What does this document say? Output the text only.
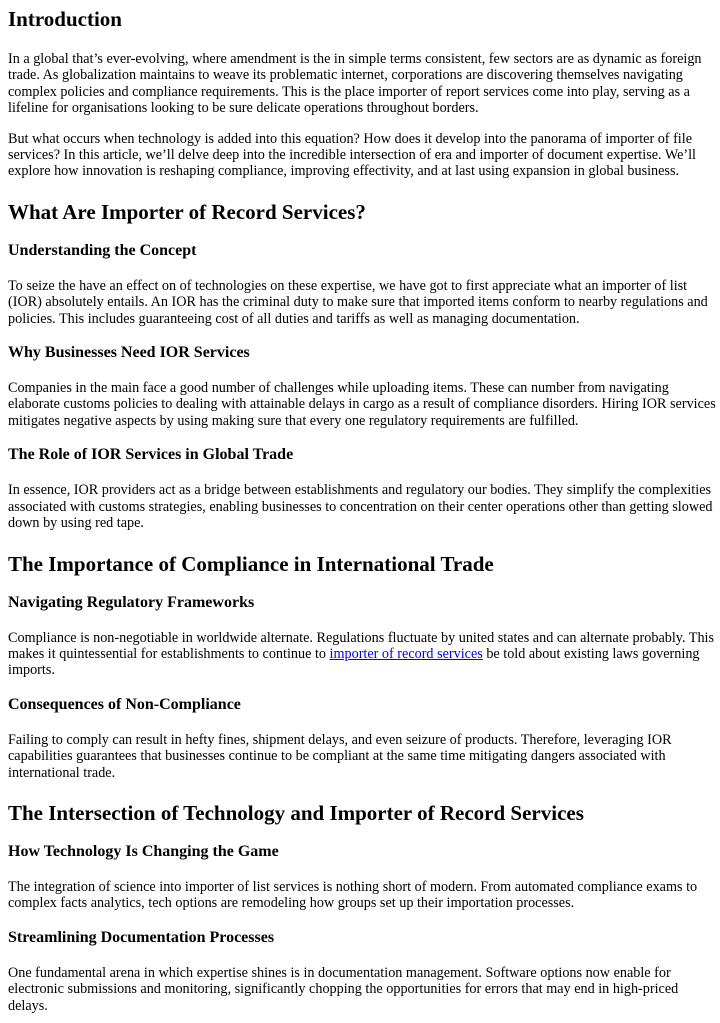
Introduction

In a global that’s ever-evolving, where amendment is the in simple terms consistent, few sectors are as dynamic as foreign trade. As globalization maintains to weave its problematic internet, corporations are discovering themselves navigating complex policies and compliance requirements. This is the place importer of report services come into play, serving as a lifeline for organisations looking to be sure delicate operations throughout borders.

But what occurs when technology is added into this equation? How does it develop into the panorama of importer of file services? In this article, we’ll delve deep into the incredible intersection of era and importer of document expertise. We’ll explore how innovation is reshaping compliance, improving effectivity, and at last using expansion in global business.

What Are Importer of Record Services?
Understanding the Concept

To seize the have an effect on of technologies on these expertise, we have got to first appreciate what an importer of list (IOR) absolutely entails. An IOR has the criminal duty to make sure that imported items conform to nearby regulations and policies. This includes guaranteeing cost of all duties and tariffs as well as managing documentation.

Why Businesses Need IOR Services

Companies in the main face a good number of challenges while uploading items. These can number from navigating elaborate customs policies to dealing with attainable delays in cargo as a result of compliance disorders. Hiring IOR services mitigates negative aspects by using making sure that every one regulatory requirements are fulfilled.

The Role of IOR Services in Global Trade

In essence, IOR providers act as a bridge between establishments and regulatory our bodies. They simplify the complexities associated with customs strategies, enabling businesses to concentration on their center operations other than getting slowed down by using red tape.

The Importance of Compliance in International Trade
Navigating Regulatory Frameworks

Compliance is non-negotiable in worldwide alternate. Regulations fluctuate by united states and can alternate probably. This makes it quintessential for establishments to continue to importer of record services be told about existing laws governing imports.

Consequences of Non-Compliance

Failing to comply can result in hefty fines, shipment delays, and even seizure of products. Therefore, leveraging IOR capabilities guarantees that businesses continue to be compliant at the same time mitigating dangers associated with international trade.

The Intersection of Technology and Importer of Record Services
How Technology Is Changing the Game

The integration of science into importer of list services is nothing short of modern. From automated compliance exams to complex facts analytics, tech options are remodeling how groups set up their importation processes.

Streamlining Documentation Processes

One fundamental arena in which expertise shines is in documentation management. Software options now enable for electronic submissions and monitoring, significantly chopping the opportunities for errors that may end in high-priced delays.
